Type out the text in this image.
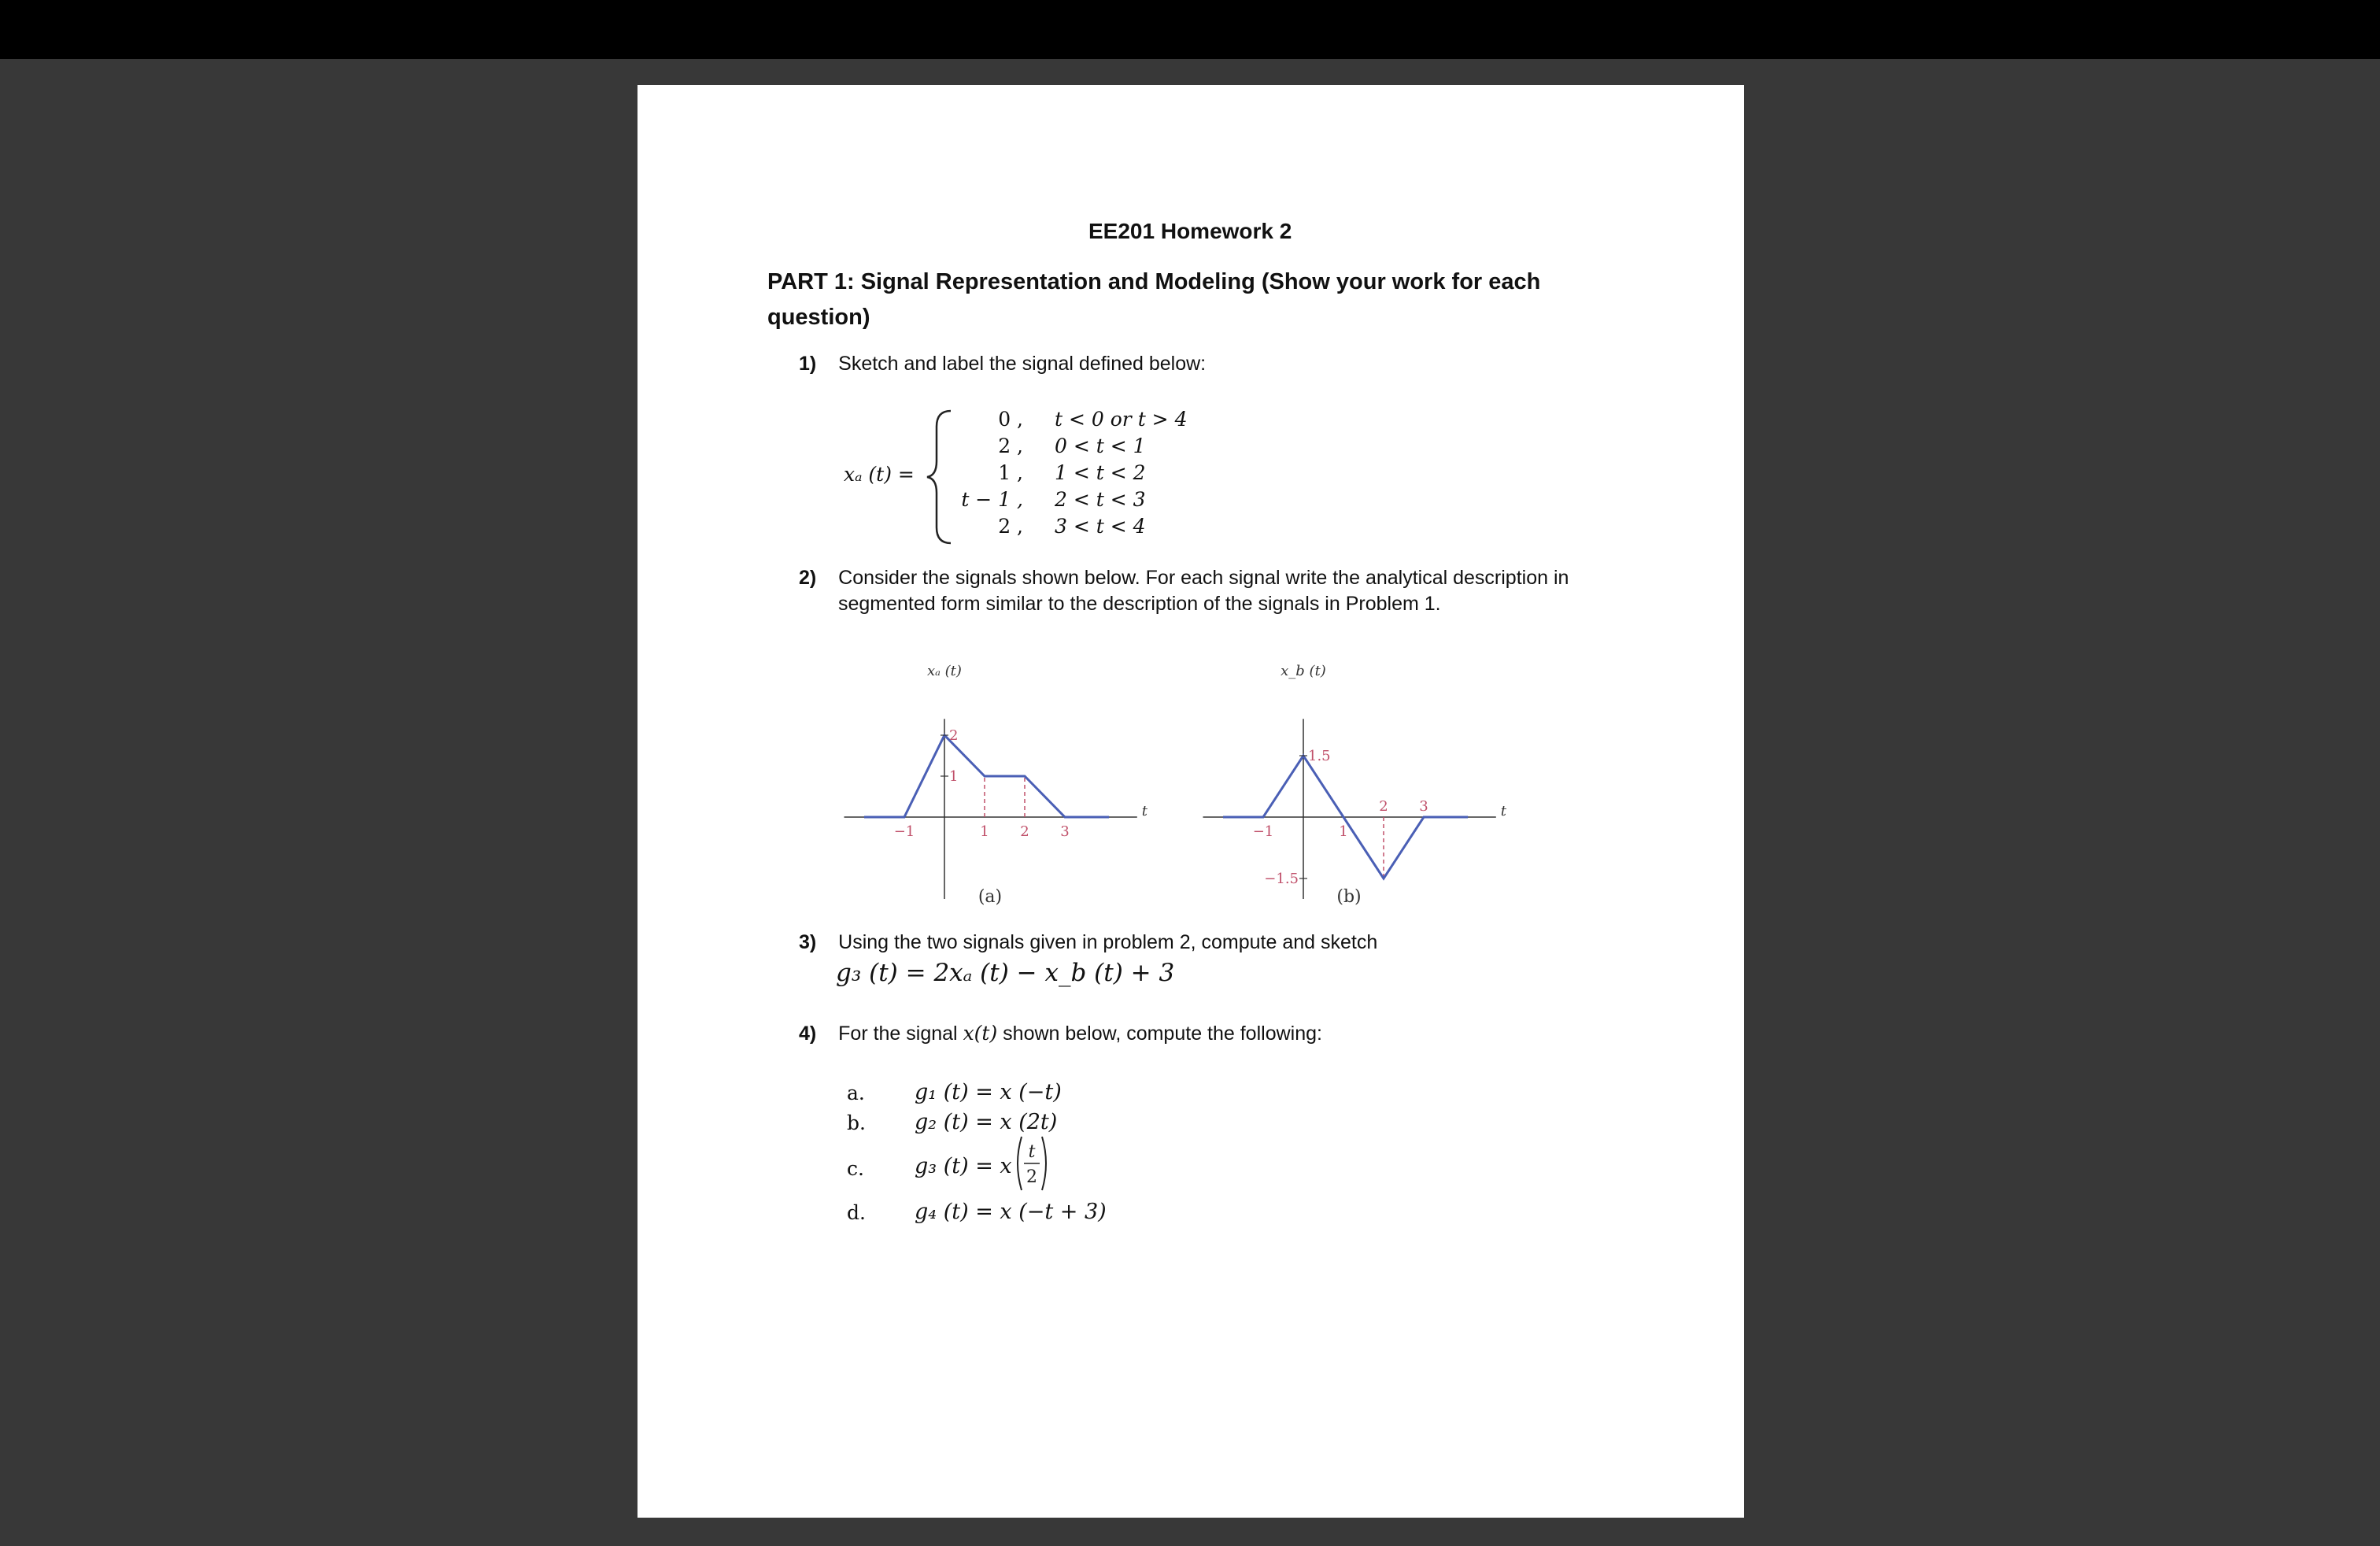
EE201 Homework 2
PART 1: Signal Representation and Modeling (Show your work for each question)
1) Sketch and label the signal defined below:
xₐ (t) =
0 ,
2 ,
1 ,
t − 1 ,
2 ,
t < 0 or t > 4
0 < t < 1
1 < t < 2
2 < t < 3
3 < t < 4
2) Consider the signals shown below. For each signal write the analytical description in
segmented form similar to the description of the signals in Problem 1.
xₐ (t)
t
−1	1 2 3
1
2
(a)
x_b (t)
t
−1	1
2 3
1.5
−1.5
(b)
3) Using the two signals given in problem 2, compute and sketch
g₃ (t) = 2xₐ (t) − x_b (t) + 3
4) For the signal x(t) shown below, compute the following:
a. g₁ (t) = x (−t)
b. g₂ (t) = x (2t)
c. g₃ (t) = x
t
2
d. g₄ (t) = x (−t + 3)
